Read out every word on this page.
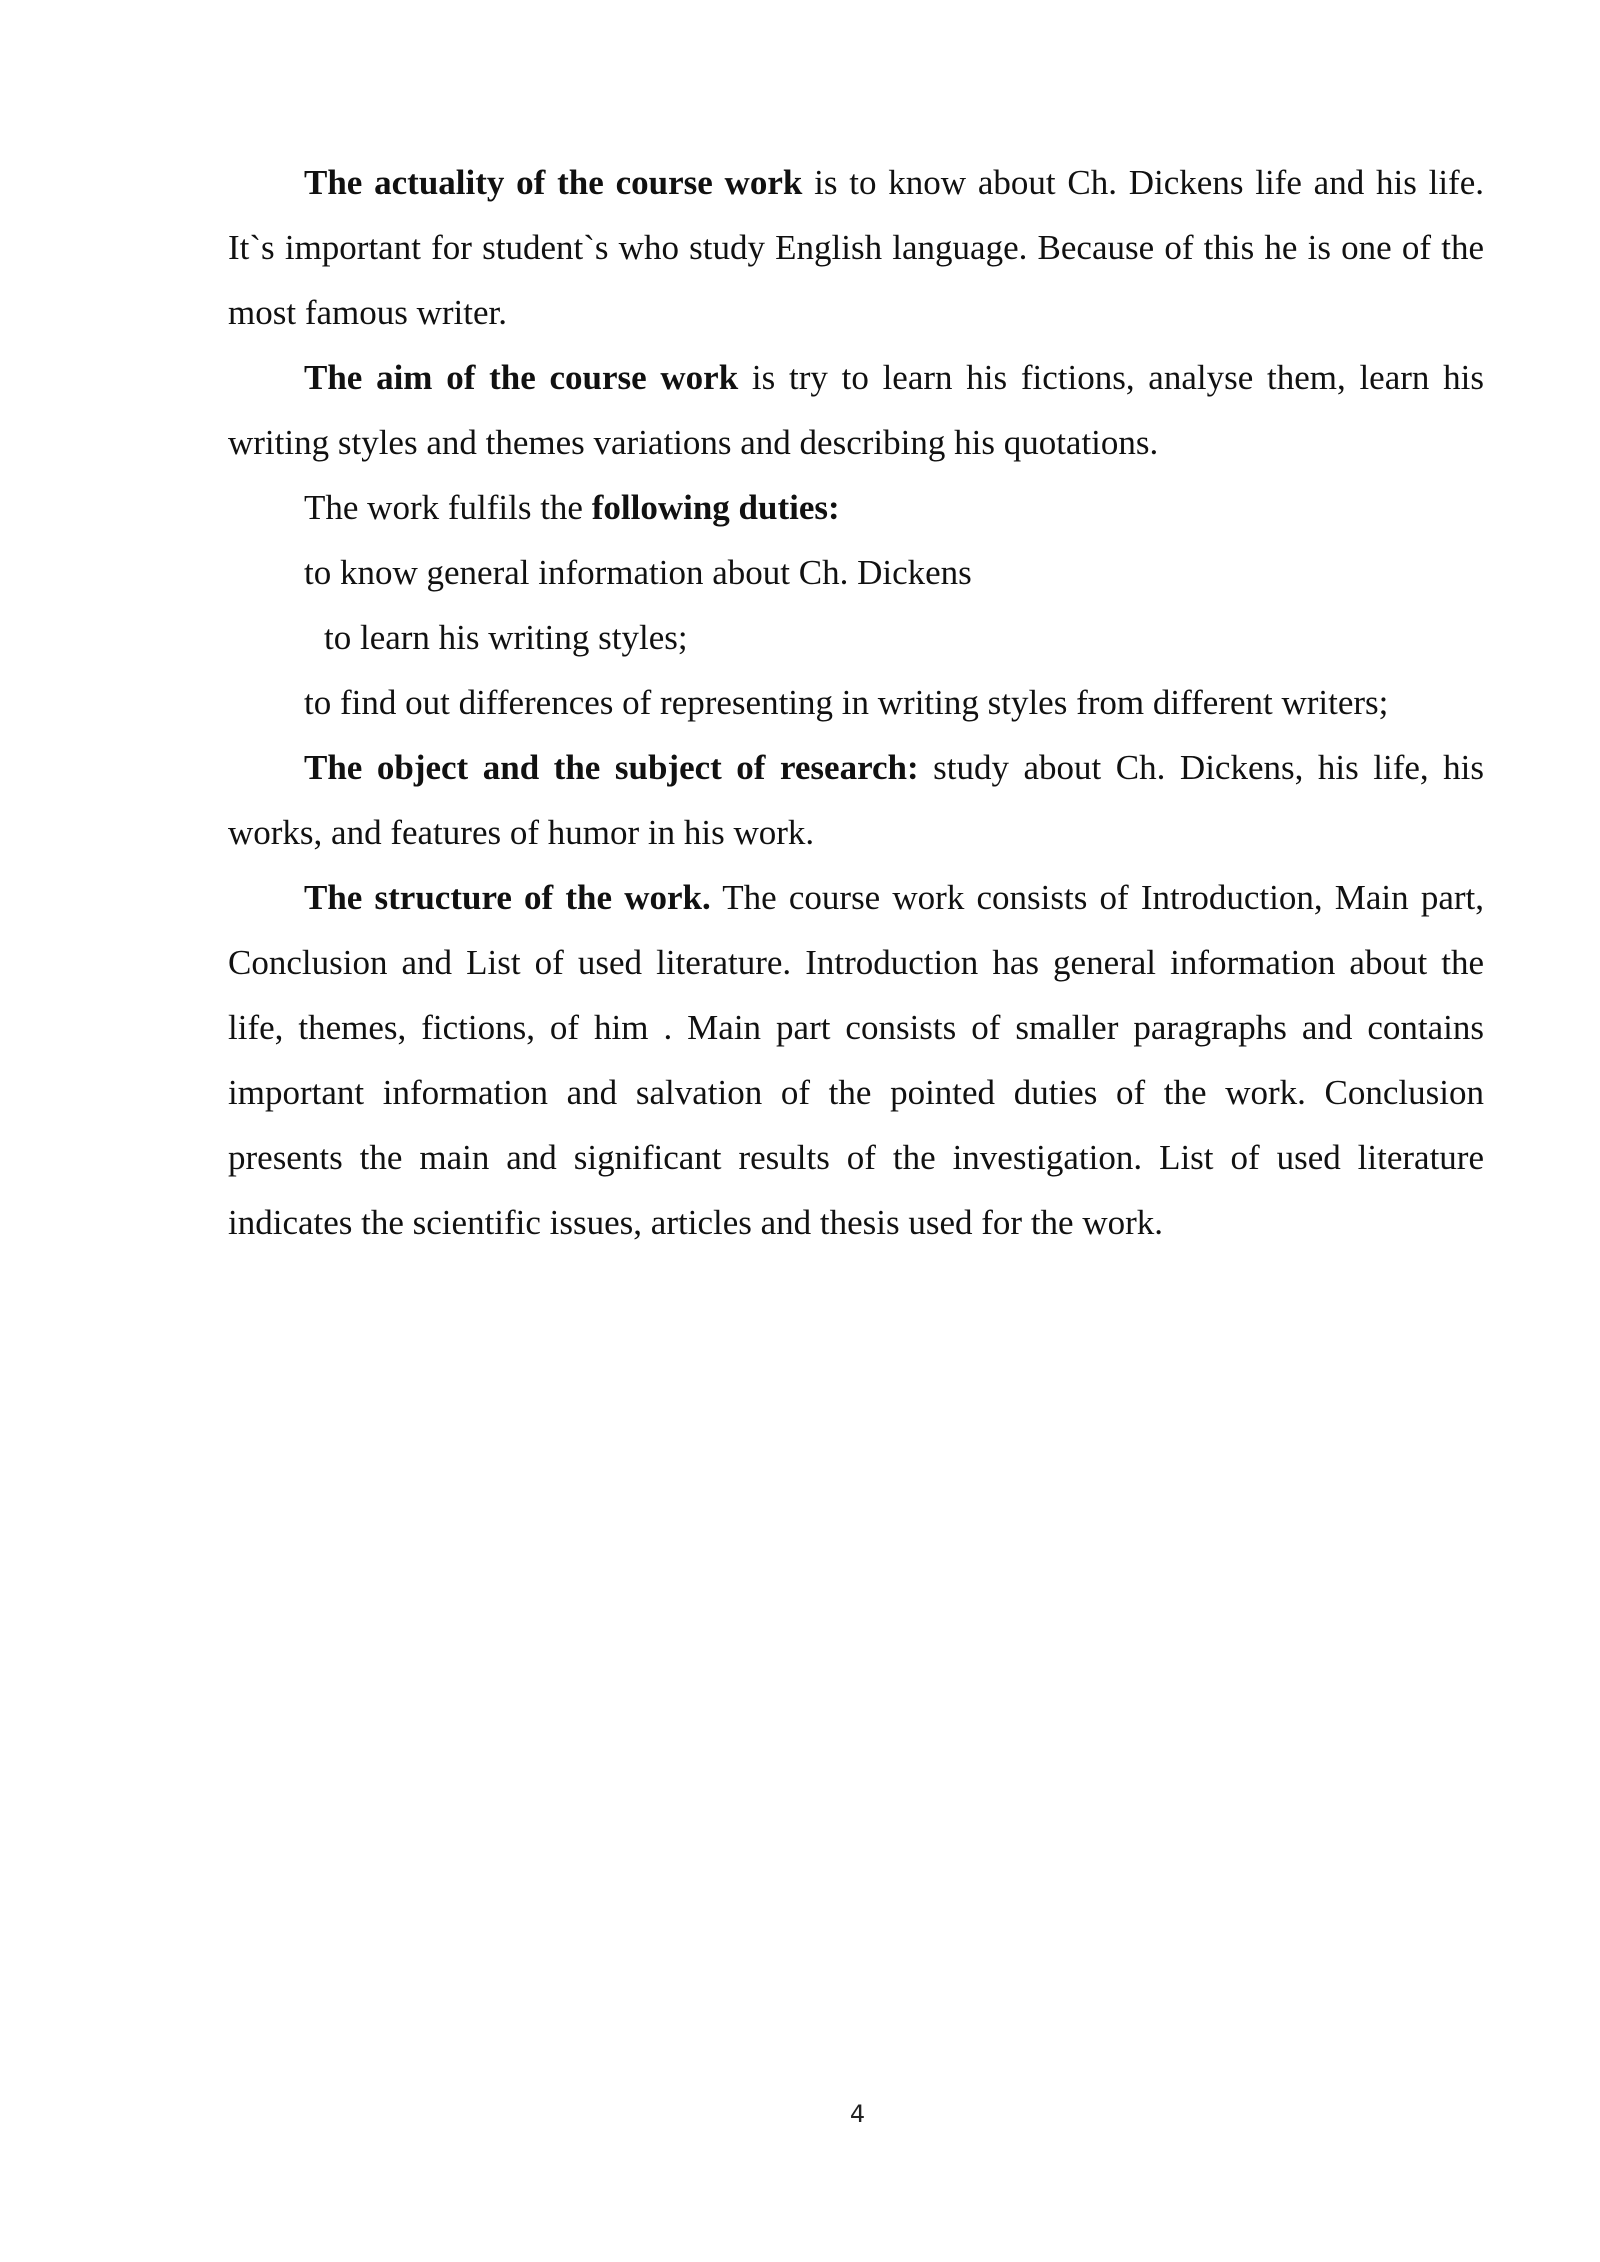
The actuality of the course work is to know about Ch. Dickens life and his life. It`s important for student`s who study English language. Because of this he is one of the most famous writer.

The aim of the course work is try to learn his fictions, analyse them, learn his writing styles and themes variations and describing his quotations.

The work fulfils the following duties:

to know general information about Ch. Dickens

to learn his writing styles;

to find out differences of representing in writing styles from different writers;

The object and the subject of research: study about Ch. Dickens, his life, his works, and features of humor in his work.

The structure of the work. The course work consists of Introduction, Main part, Conclusion and List of used literature. Introduction has general information about the life, themes, fictions, of him . Main part consists of smaller paragraphs and contains important information and salvation of the pointed duties of the work. Conclusion presents the main and significant results of the investigation. List of used literature indicates the scientific issues, articles and thesis used for the work.

4
